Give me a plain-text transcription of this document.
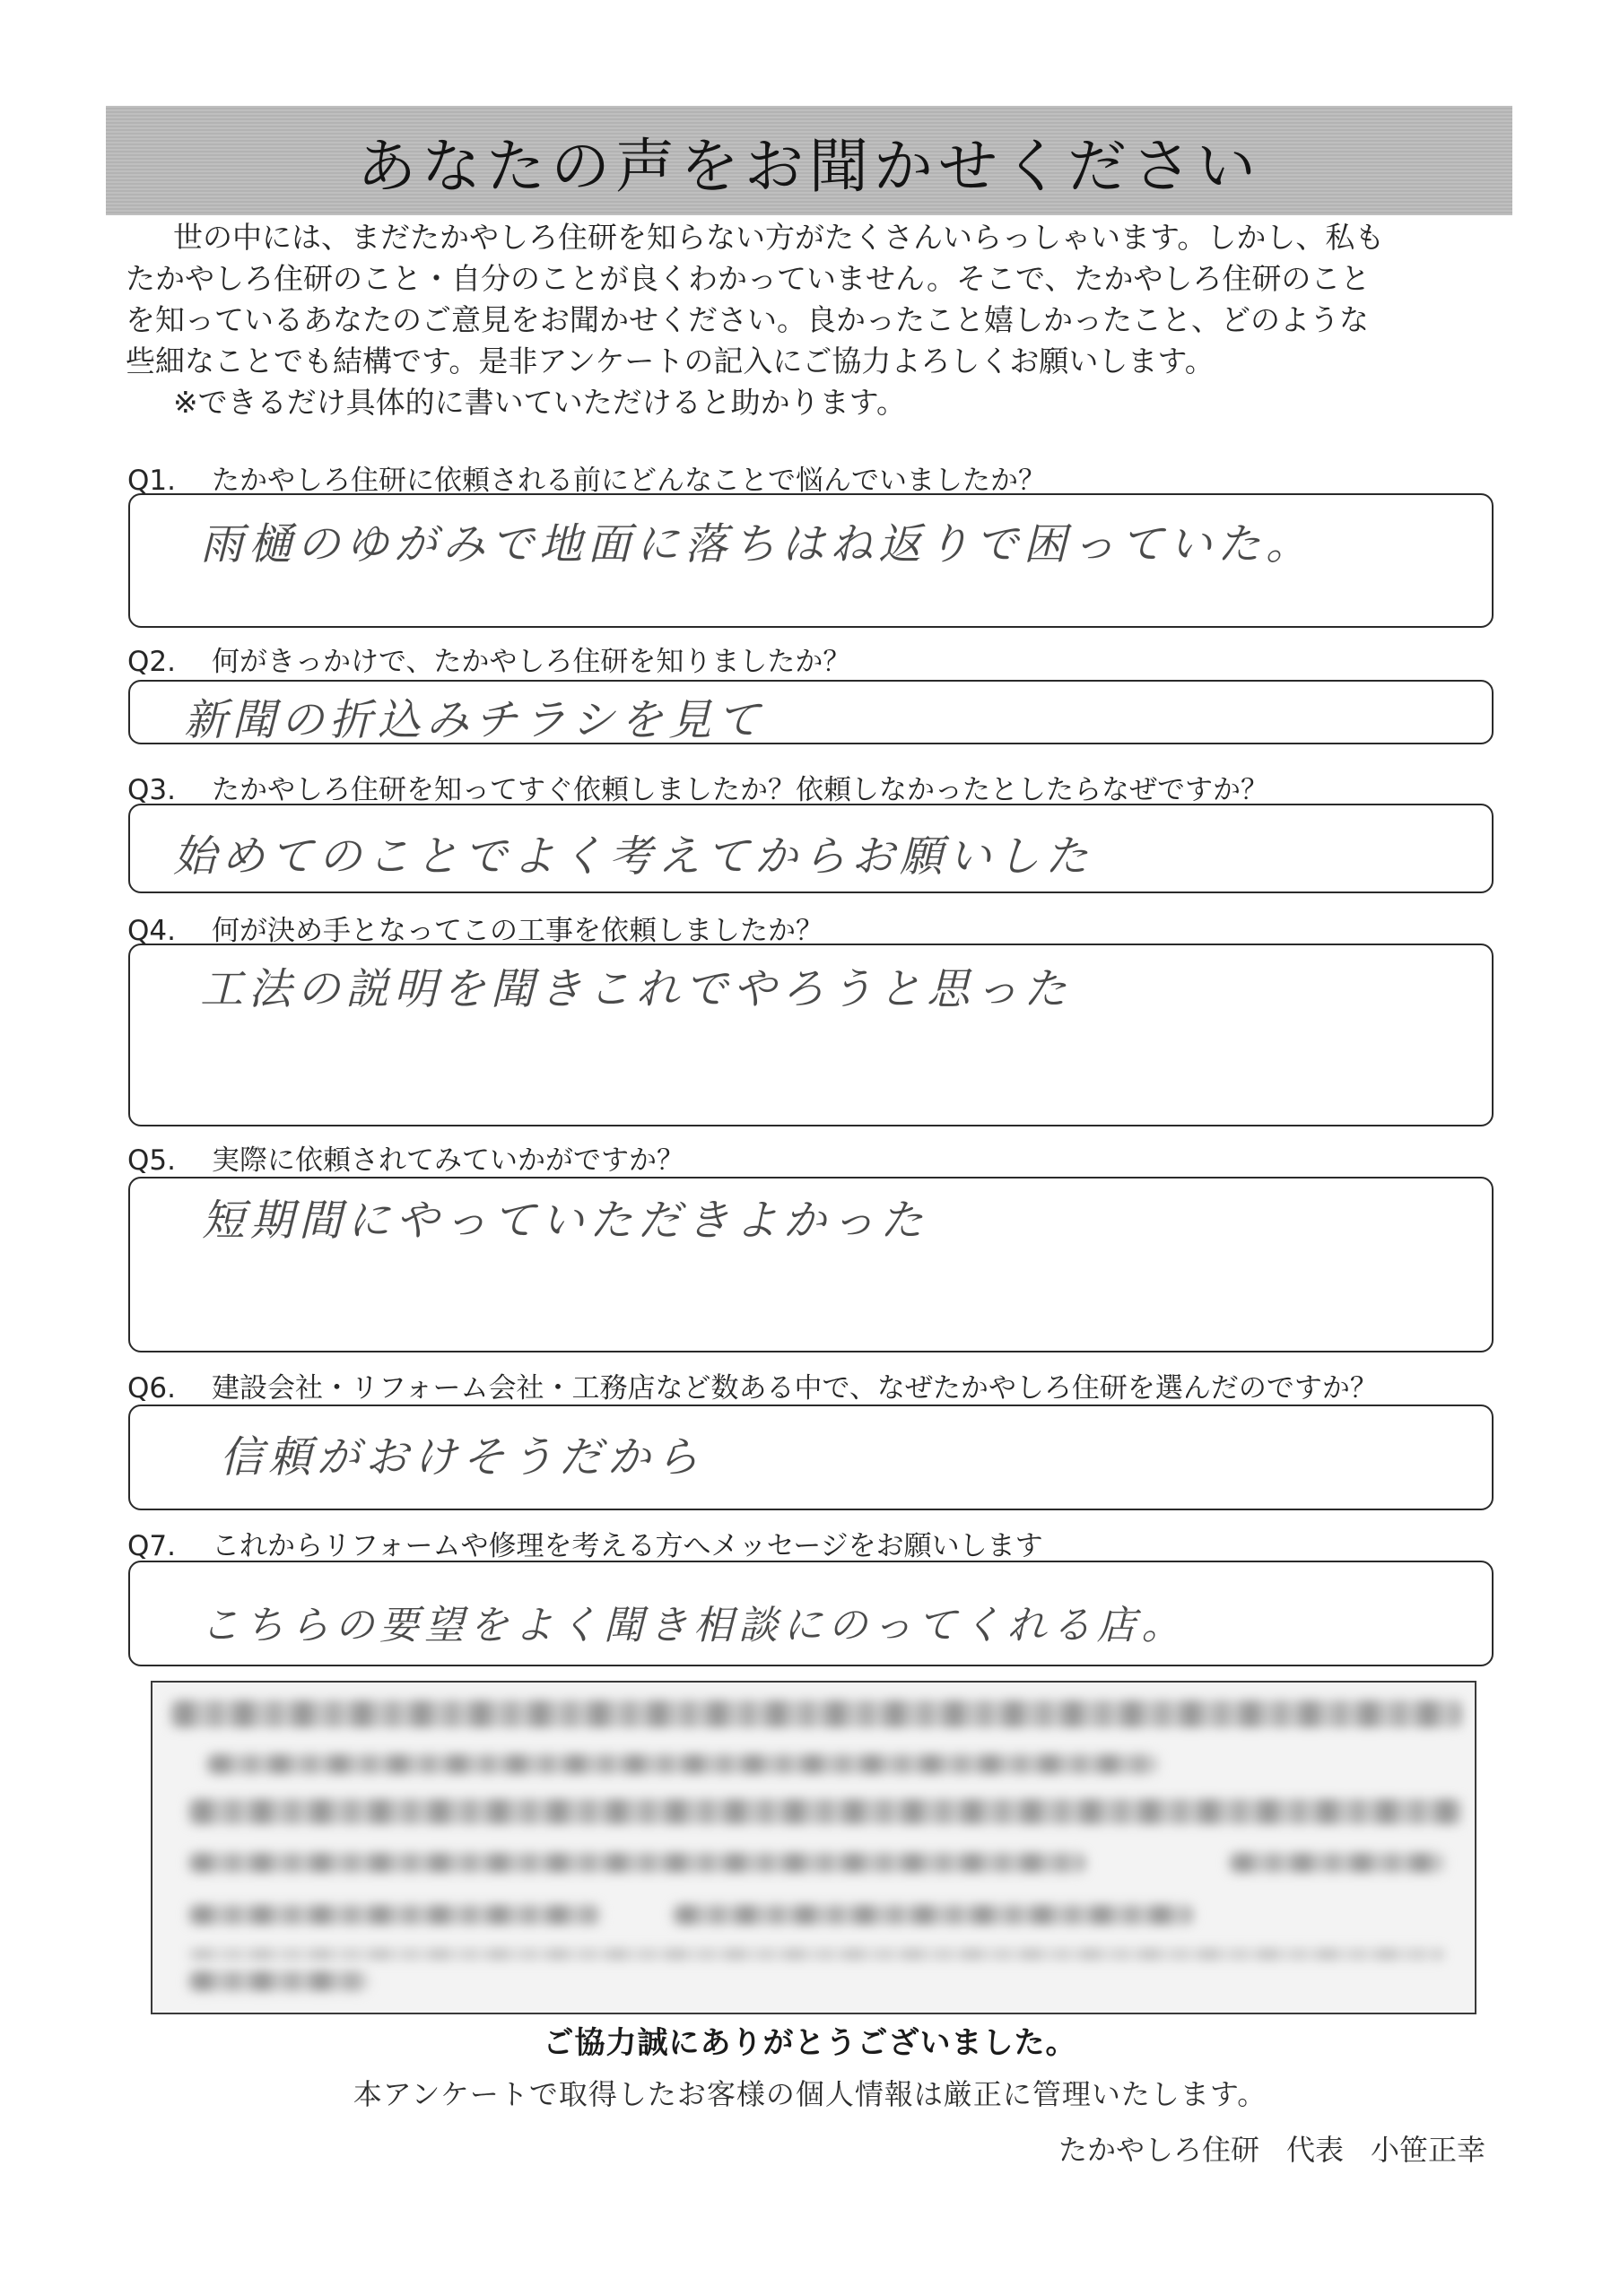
あなたの声をお聞かせください

世の中には、まだたかやしろ住研を知らない方がたくさんいらっしゃいます。しかし、私も

たかやしろ住研のこと・自分のことが良くわかっていません。そこで、たかやしろ住研のこと

を知っているあなたのご意見をお聞かせください。良かったこと嬉しかったこと、どのような

些細なことでも結構です。是非アンケートの記入にご協力よろしくお願いします。

※できるだけ具体的に書いていただけると助かります。

Q1. たかやしろ住研に依頼される前にどんなことで悩んでいましたか？
雨樋のゆがみで地面に落ちはね返りで困っていた。
Q2. 何がきっかけで、たかやしろ住研を知りましたか？
新聞の折込みチラシを見て
Q3. たかやしろ住研を知ってすぐ依頼しましたか？依頼しなかったとしたらなぜですか？
始めてのことでよく考えてからお願いした
Q4. 何が決め手となってこの工事を依頼しましたか？
工法の説明を聞きこれでやろうと思った
Q5. 実際に依頼されてみていかがですか？
短期間にやっていただきよかった
Q6. 建設会社・リフォーム会社・工務店など数ある中で、なぜたかやしろ住研を選んだのですか？
信頼がおけそうだから
Q7. これからリフォームや修理を考える方へメッセージをお願いします
こちらの要望をよく聞き相談にのってくれる店。
ご協力誠にありがとうございました。
本アンケートで取得したお客様の個人情報は厳正に管理いたします。
たかやしろ住研 代表 小笹正幸
